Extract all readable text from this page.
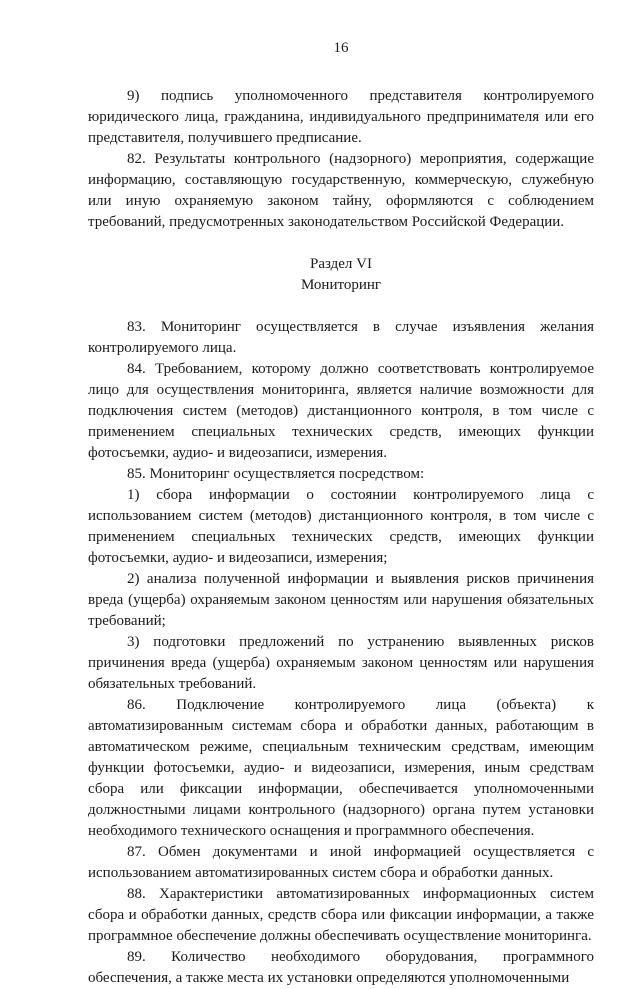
16

9) подпись уполномоченного представителя контролируемого юридического лица, гражданина, индивидуального предпринимателя или его представителя, получившего предписание.

82. Результаты контрольного (надзорного) мероприятия, содержащие информацию, составляющую государственную, коммерческую, служебную или иную охраняемую законом тайну, оформляются с соблюдением требований, предусмотренных законодательством Российской Федерации.

Раздел VI

Мониторинг

83. Мониторинг осуществляется в случае изъявления желания контролируемого лица.

84. Требованием, которому должно соответствовать контролируемое лицо для осуществления мониторинга, является наличие возможности для подключения систем (методов) дистанционного контроля, в том числе с применением специальных технических средств, имеющих функции фотосъемки, аудио- и видеозаписи, измерения.

85. Мониторинг осуществляется посредством:

1) сбора информации о состоянии контролируемого лица с использованием систем (методов) дистанционного контроля, в том числе с применением специальных технических средств, имеющих функции фотосъемки, аудио- и видеозаписи, измерения;

2) анализа полученной информации и выявления рисков причинения вреда (ущерба) охраняемым законом ценностям или нарушения обязательных требований;

3) подготовки предложений по устранению выявленных рисков причинения вреда (ущерба) охраняемым законом ценностям или нарушения обязательных требований.

86. Подключение контролируемого лица (объекта) к автоматизированным системам сбора и обработки данных, работающим в автоматическом режиме, специальным техническим средствам, имеющим функции фотосъемки, аудио- и видеозаписи, измерения, иным средствам сбора или фиксации информации, обеспечивается уполномоченными должностными лицами контрольного (надзорного) органа путем установки необходимого технического оснащения и программного обеспечения.

87. Обмен документами и иной информацией осуществляется с использованием автоматизированных систем сбора и обработки данных.

88. Характеристики автоматизированных информационных систем сбора и обработки данных, средств сбора или фиксации информации, а также программное обеспечение должны обеспечивать осуществление мониторинга.

89. Количество необходимого оборудования, программного обеспечения, а также места их установки определяются уполномоченными
